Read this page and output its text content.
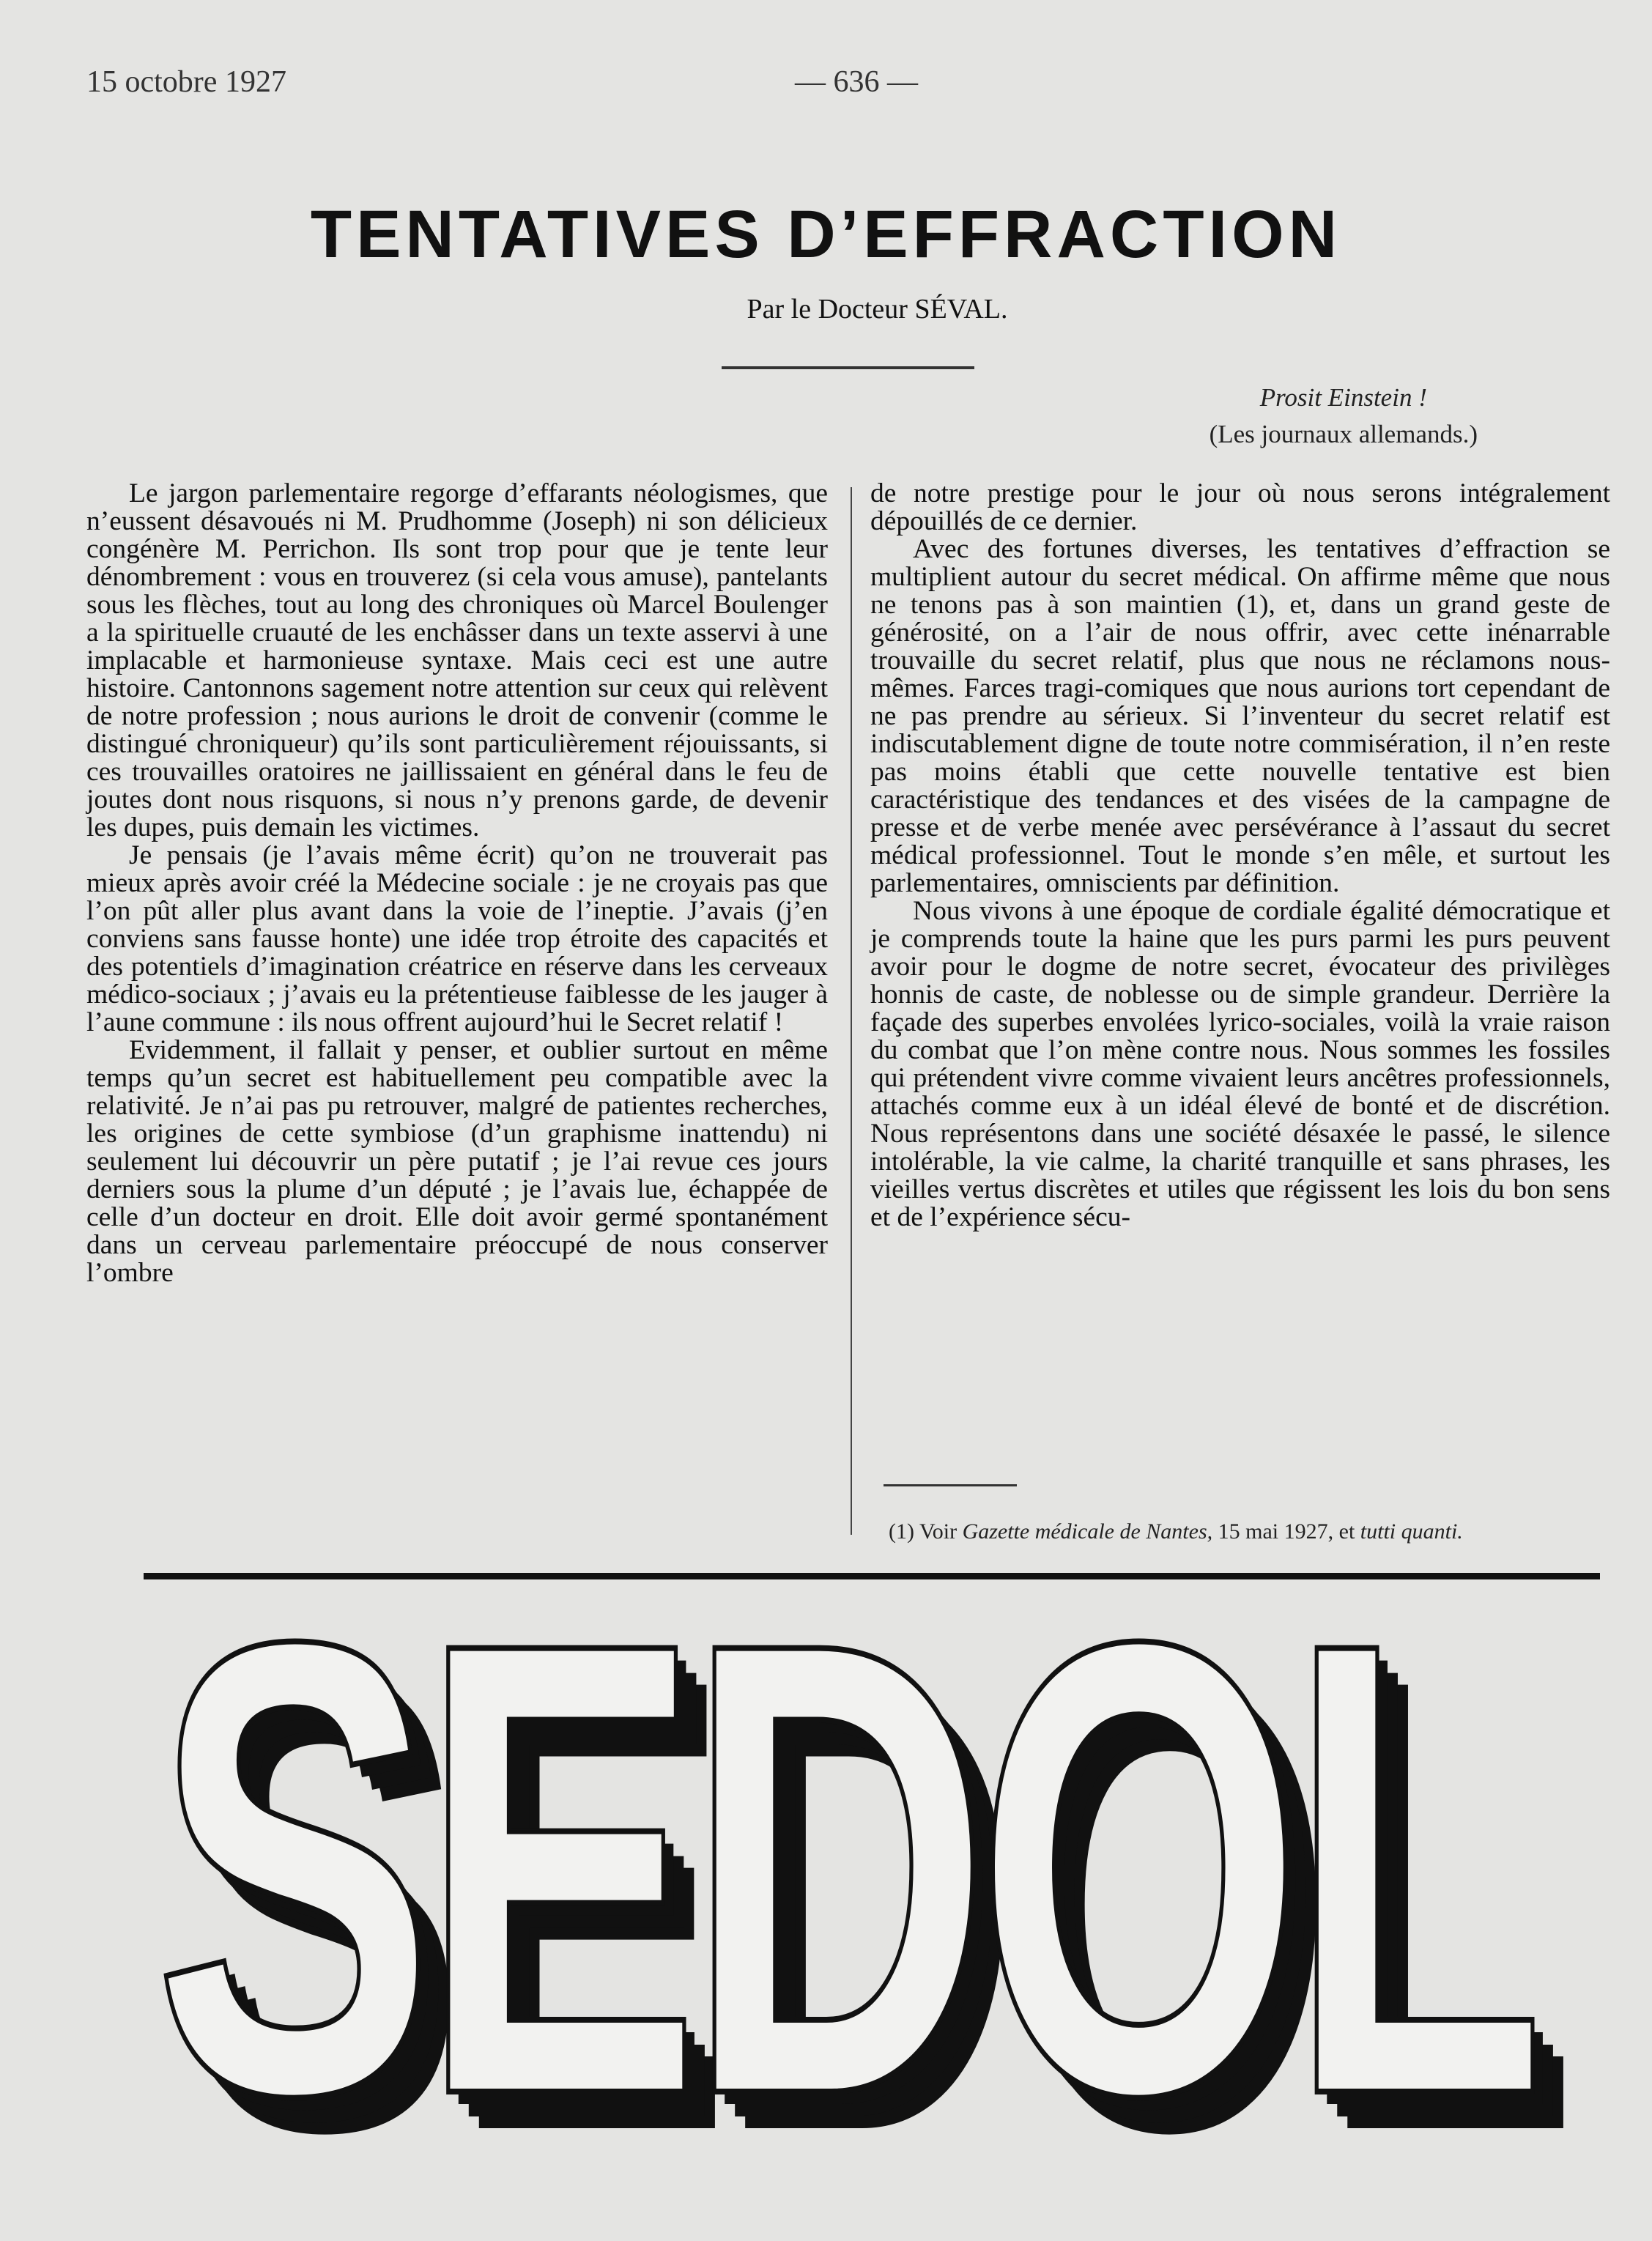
15 octobre 1927	— 636 —
TENTATIVES D’EFFRACTION
Par le Docteur SÉVAL.
Prosit Einstein !
(Les journaux allemands.)

Le jargon parlementaire regorge d’effarants néologismes, que n’eussent désavoués ni M. Prudhomme (Joseph) ni son délicieux congénère M. Perrichon. Ils sont trop pour que je tente leur dénombrement : vous en trouverez (si cela vous amuse), pantelants sous les flèches, tout au long des chroniques où Marcel Boulenger a la spirituelle cruauté de les enchâsser dans un texte asservi à une implacable et harmonieuse syntaxe. Mais ceci est une autre histoire. Cantonnons sagement notre attention sur ceux qui relèvent de notre profession ; nous aurions le droit de convenir (comme le distingué chroniqueur) qu’ils sont particulièrement réjouissants, si ces trouvailles oratoires ne jaillissaient en général dans le feu de joutes dont nous risquons, si nous n’y prenons garde, de devenir les dupes, puis demain les victimes.

Je pensais (je l’avais même écrit) qu’on ne trouverait pas mieux après avoir créé la Médecine sociale : je ne croyais pas que l’on pût aller plus avant dans la voie de l’ineptie. J’avais (j’en conviens sans fausse honte) une idée trop étroite des capacités et des potentiels d’imagination créatrice en réserve dans les cerveaux médico-sociaux ; j’avais eu la prétentieuse faiblesse de les jauger à l’aune commune : ils nous offrent aujourd’hui le Secret relatif !

Evidemment, il fallait y penser, et oublier surtout en même temps qu’un secret est habituellement peu compatible avec la relativité. Je n’ai pas pu retrouver, malgré de patientes recherches, les origines de cette symbiose (d’un graphisme inattendu) ni seulement lui découvrir un père putatif ; je l’ai revue ces jours derniers sous la plume d’un député ; je l’avais lue, échappée de celle d’un docteur en droit. Elle doit avoir germé spontanément dans un cerveau parlementaire préoccupé de nous conserver l’ombre

de notre prestige pour le jour où nous serons intégralement dépouillés de ce dernier.

Avec des fortunes diverses, les tentatives d’effraction se multiplient autour du secret médical. On affirme même que nous ne tenons pas à son maintien (1), et, dans un grand geste de générosité, on a l’air de nous offrir, avec cette inénarrable trouvaille du secret relatif, plus que nous ne réclamons nous-mêmes. Farces tragi-comiques que nous aurions tort cependant de ne pas prendre au sérieux. Si l’inventeur du secret relatif est indiscutablement digne de toute notre commisération, il n’en reste pas moins établi que cette nouvelle tentative est bien caractéristique des tendances et des visées de la campagne de presse et de verbe menée avec persévérance à l’assaut du secret médical professionnel. Tout le monde s’en mêle, et surtout les parlementaires, omniscients par définition.

Nous vivons à une époque de cordiale égalité démocratique et je comprends toute la haine que les purs parmi les purs peuvent avoir pour le dogme de notre secret, évocateur des privilèges honnis de caste, de noblesse ou de simple grandeur. Derrière la façade des superbes envolées lyrico-sociales, voilà la vraie raison du combat que l’on mène contre nous. Nous sommes les fossiles qui prétendent vivre comme vivaient leurs ancêtres professionnels, attachés comme eux à un idéal élevé de bonté et de discrétion. Nous représentons dans une société désaxée le passé, le silence intolérable, la vie calme, la charité tranquille et sans phrases, les vieilles vertus discrètes et utiles que régissent les lois du bon sens et de l’expérience sécu-

(1) Voir Gazette médicale de Nantes, 15 mai 1927, et tutti quanti.
SEDOL
SEDOL
SEDOL
SEDOL
